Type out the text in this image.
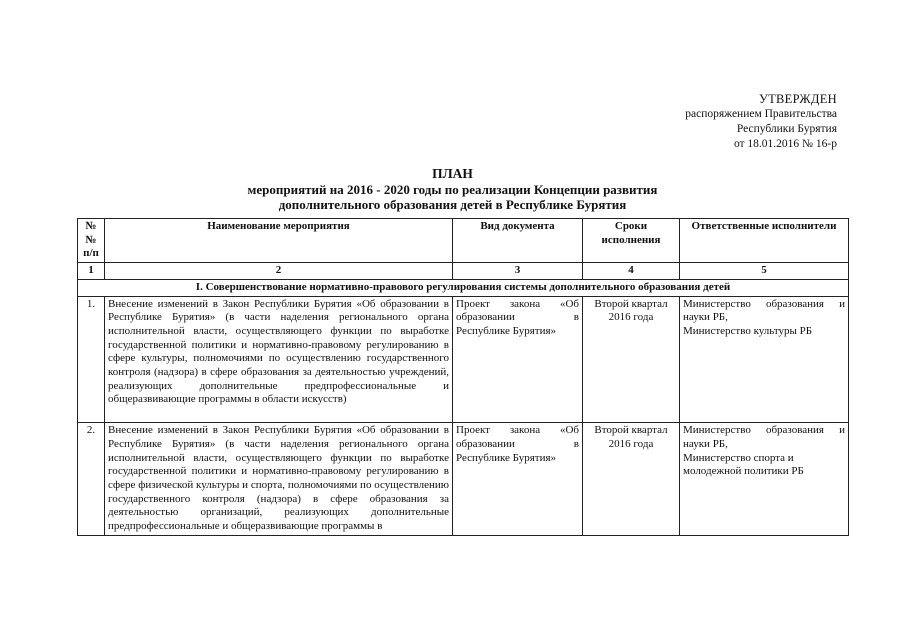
УТВЕРЖДЕН
распоряжением Правительства
Республики Бурятия
от 18.01.2016 № 16-р
ПЛАН
мероприятий на 2016 - 2020 годы по реализации Концепции развития
дополнительного образования детей в Республике Бурятия
№№ п/п	Наименование мероприятия	Вид документа	Сроки исполнения	Ответственные исполнители
1	2	3	4	5
I. Совершенствование нормативно-правового регулирования системы дополнительного образования детей				
1.	Внесение изменений в Закон Республики Бурятия «Об образовании в Республике Бурятия» (в части наделения регионального органа исполнительной власти, осуществляющего функции по выработке государственной политики и нормативно-правовому регулированию в сфере культуры, полномочиями по осуществлению государственного контроля (надзора) в сфере образования за деятельностью учреждений, реализующих дополнительные предпрофессиональные и общеразвивающие программы в области искусств)	Проект закона «Об образовании в Республике Бурятия»	Второй квартал 2016 года	Министерство образования и науки РБ,
Министерство культуры РБ

2.	Внесение изменений в Закон Республики Бурятия «Об образовании в Республике Бурятия» (в части наделения регионального органа исполнительной власти, осуществляющего функции по выработке государственной политики и нормативно-правовому регулированию в сфере физической культуры и спорта, полномочиями по осуществлению государственного контроля (надзора) в сфере образования за деятельностью организаций, реализующих дополнительные предпрофессиональные и общеразвивающие программы в	Проект закона «Об образовании в Республике Бурятия»	Второй квартал 2016 года	Министерство образования и науки РБ,
Министерство спорта и молодежной политики РБ
